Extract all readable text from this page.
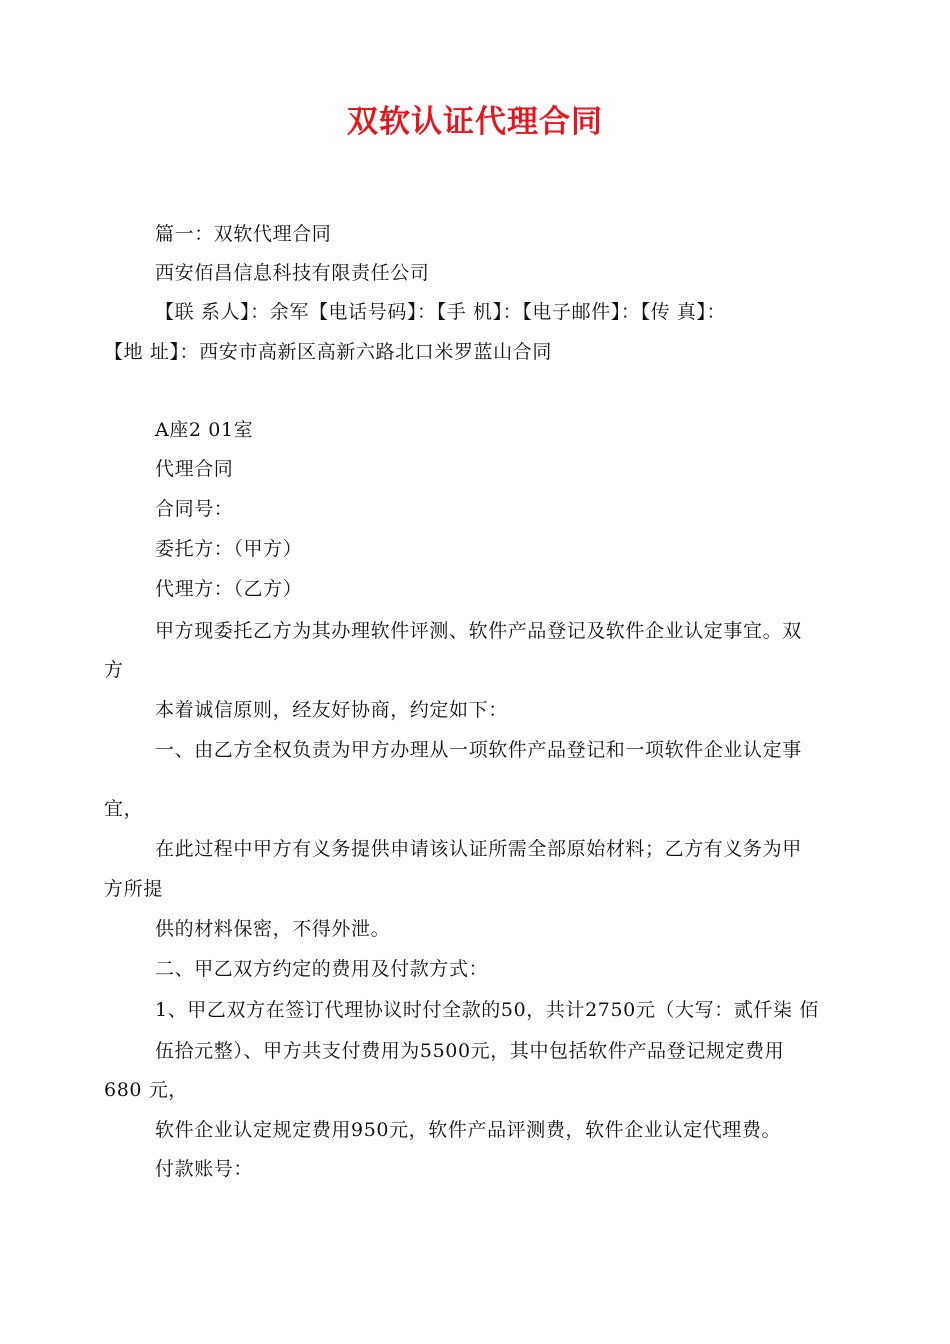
双软认证代理合同
篇一：双软代理合同
西安佰昌信息科技有限责任公司
【联 系人】：余军【电话号码】：【手 机】：【电子邮件】：【传 真】：
【地 址】：西安市高新区高新六路北口米罗蓝山合同
A座2 01室
代理合同
合同号：
委托方：（甲方）
代理方：（乙方）
甲方现委托乙方为其办理软件评测、软件产品登记及软件企业认定事宜。双
方
本着诚信原则，经友好协商，约定如下：
一、由乙方全权负责为甲方办理从一项软件产品登记和一项软件企业认定事
宜，
在此过程中甲方有义务提供申请该认证所需全部原始材料；乙方有义务为甲
方所提
供的材料保密，不得外泄。
二、甲乙双方约定的费用及付款方式：
1、甲乙双方在签订代理协议时付全款的50，共计2750元（大写：贰仟柒 佰
伍拾元整）、甲方共支付费用为5500元，其中包括软件产品登记规定费用
680 元，
软件企业认定规定费用950元，软件产品评测费，软件企业认定代理费。
付款账号：
